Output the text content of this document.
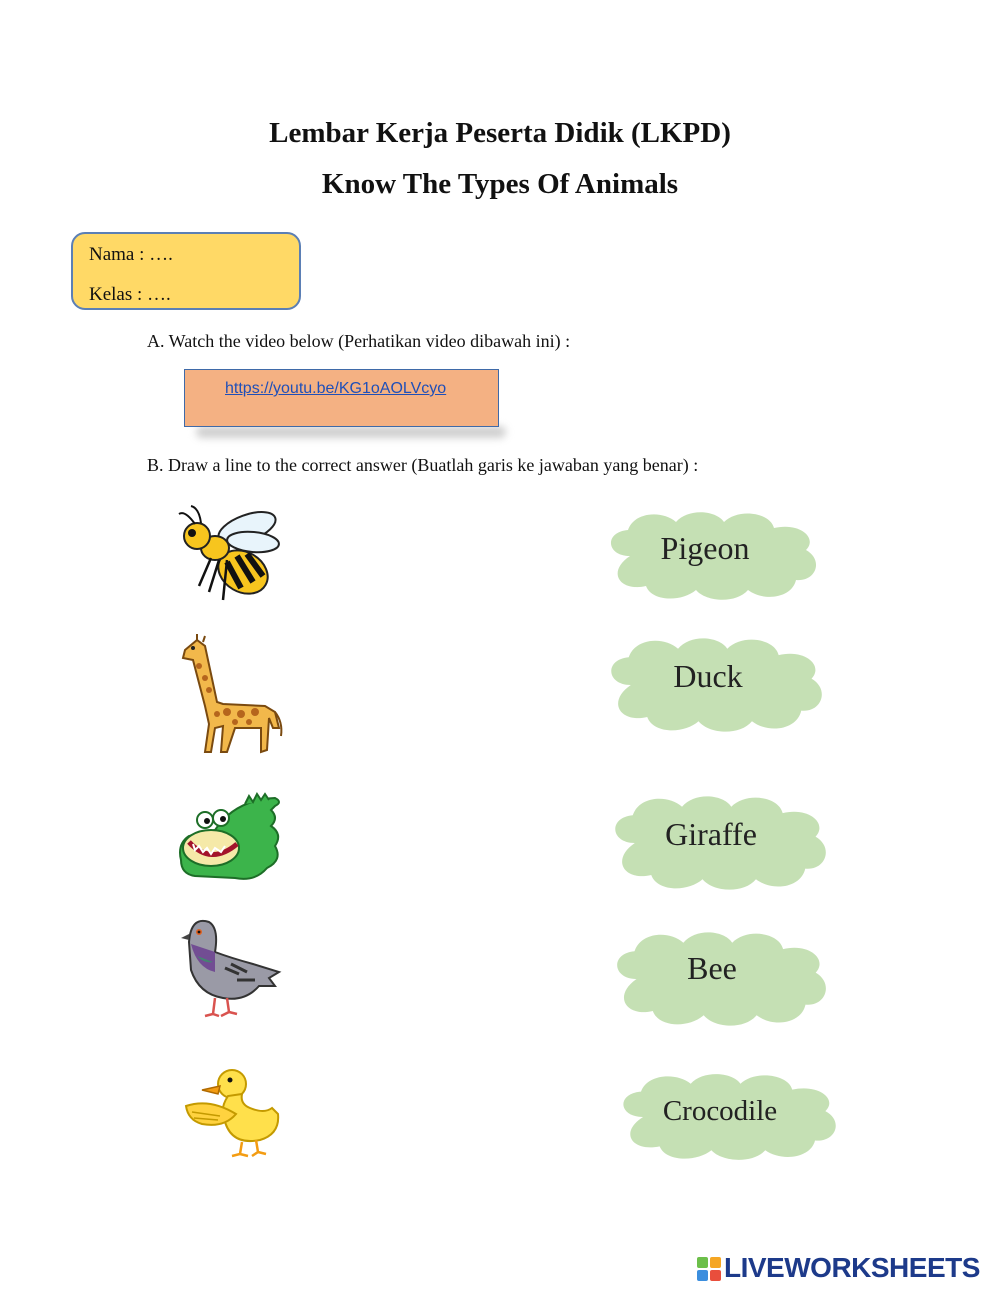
Lembar Kerja Peserta Didik (LKPD)
Know The Types Of Animals
Nama : ….
Kelas : ….
A. Watch the video below (Perhatikan video dibawah ini) :
https://youtu.be/KG1oAOLVcyo
B. Draw a line to the correct answer (Buatlah garis ke jawaban yang benar) :
Pigeon
Duck
Giraffe
Bee
Crocodile
LIVEWORKSHEETS
